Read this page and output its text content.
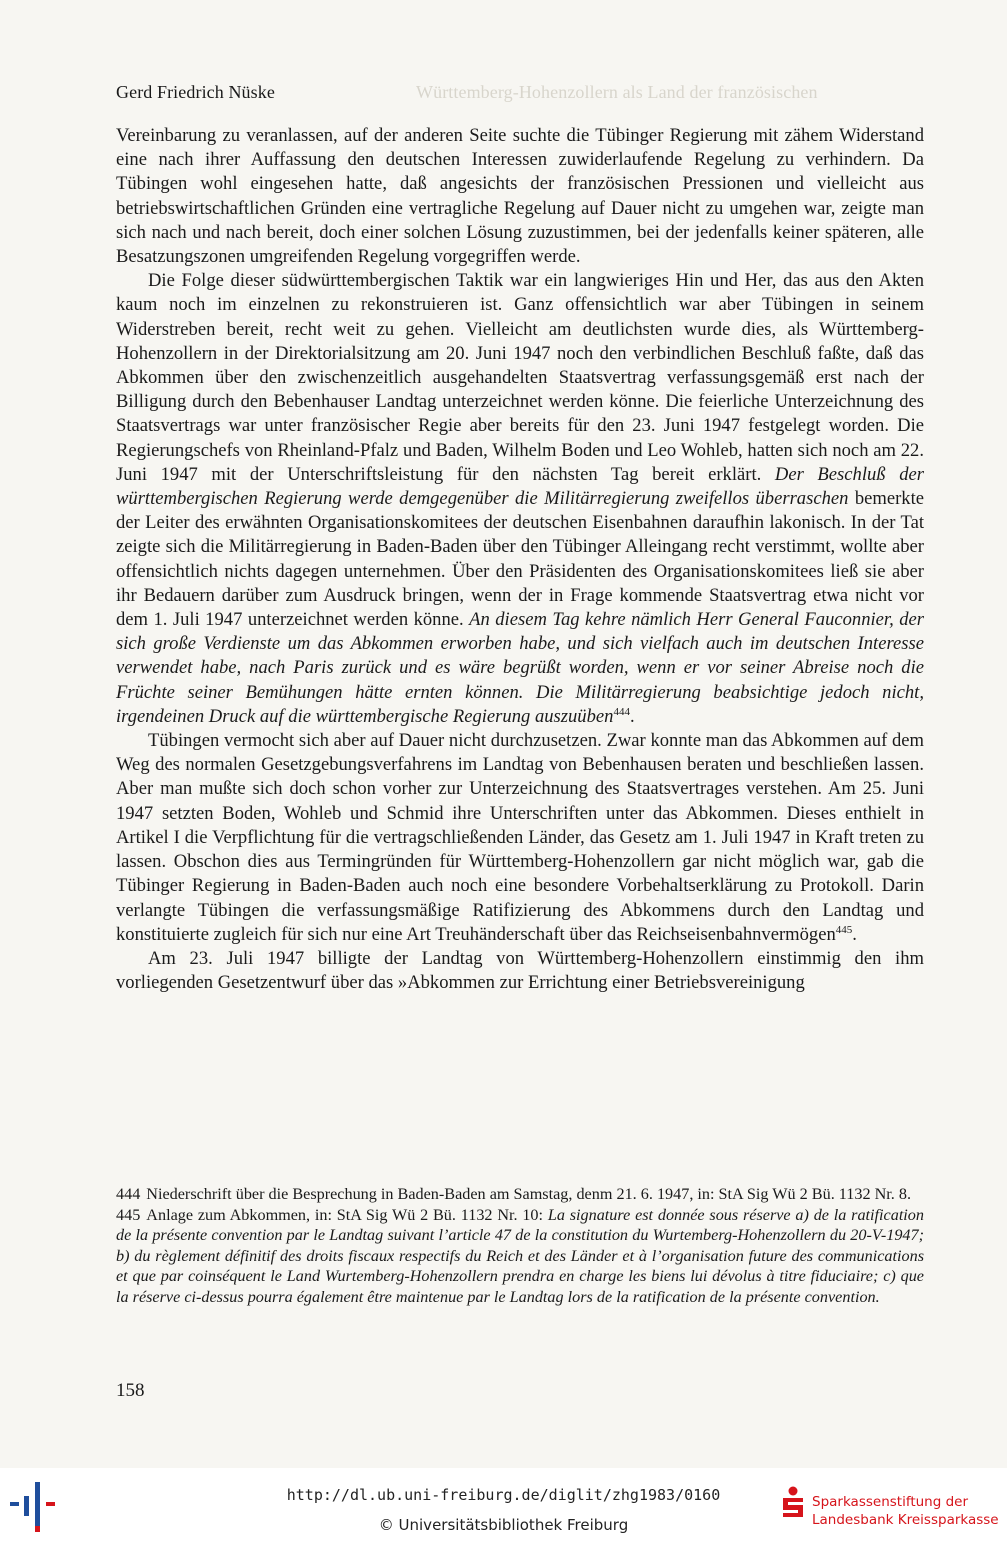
Gerd Friedrich Nüske	Württemberg-Hohenzollern als Land der französischen

Vereinbarung zu veranlassen, auf der anderen Seite suchte die Tübinger Regierung mit zähem Widerstand eine nach ihrer Auffassung den deutschen Interessen zuwiderlaufende Regelung zu verhindern. Da Tübingen wohl eingesehen hatte, daß angesichts der französischen Pressionen und vielleicht aus betriebswirtschaftlichen Gründen eine vertragliche Regelung auf Dauer nicht zu umgehen war, zeigte man sich nach und nach bereit, doch einer solchen Lösung zuzustimmen, bei der jedenfalls keiner späteren, alle Besatzungszonen umgreifenden Regelung vorgegriffen werde.

Die Folge dieser südwürttembergischen Taktik war ein langwieriges Hin und Her, das aus den Akten kaum noch im einzelnen zu rekonstruieren ist. Ganz offensichtlich war aber Tübingen in seinem Widerstreben bereit, recht weit zu gehen. Vielleicht am deutlichsten wurde dies, als Württemberg-Hohenzollern in der Direktorialsitzung am 20. Juni 1947 noch den verbindlichen Beschluß faßte, daß das Abkommen über den zwischenzeitlich ausgehandelten Staatsvertrag verfassungsgemäß erst nach der Billigung durch den Bebenhauser Landtag unterzeichnet werden könne. Die feierliche Unterzeichnung des Staatsvertrags war unter französischer Regie aber bereits für den 23. Juni 1947 festgelegt worden. Die Regierungschefs von Rheinland-Pfalz und Baden, Wilhelm Boden und Leo Wohleb, hatten sich noch am 22. Juni 1947 mit der Unterschriftsleistung für den nächsten Tag bereit erklärt. Der Beschluß der württembergischen Regierung werde demgegenüber die Militärregierung zweifellos überraschen bemerkte der Leiter des erwähnten Organisationskomitees der deutschen Eisenbahnen daraufhin lakonisch. In der Tat zeigte sich die Militärregierung in Baden-Baden über den Tübinger Alleingang recht verstimmt, wollte aber offensichtlich nichts dagegen unternehmen. Über den Präsidenten des Organisationskomitees ließ sie aber ihr Bedauern darüber zum Ausdruck bringen, wenn der in Frage kommende Staatsvertrag etwa nicht vor dem 1. Juli 1947 unterzeichnet werden könne. An diesem Tag kehre nämlich Herr General Fauconnier, der sich große Verdienste um das Abkommen erworben habe, und sich vielfach auch im deutschen Interesse verwendet habe, nach Paris zurück und es wäre begrüßt worden, wenn er vor seiner Abreise noch die Früchte seiner Bemühungen hätte ernten können. Die Militärregierung beabsichtige jedoch nicht, irgendeinen Druck auf die württembergische Regierung auszuüben$^{444}$.

Tübingen vermocht sich aber auf Dauer nicht durchzusetzen. Zwar konnte man das Abkommen auf dem Weg des normalen Gesetzgebungsverfahrens im Landtag von Bebenhausen beraten und beschließen lassen. Aber man mußte sich doch schon vorher zur Unterzeichnung des Staatsvertrages verstehen. Am 25. Juni 1947 setzten Boden, Wohleb und Schmid ihre Unterschriften unter das Abkommen. Dieses enthielt in Artikel I die Verpflichtung für die vertragschließenden Länder, das Gesetz am 1. Juli 1947 in Kraft treten zu lassen. Obschon dies aus Termingründen für Württemberg-Hohenzollern gar nicht möglich war, gab die Tübinger Regierung in Baden-Baden auch noch eine besondere Vorbehaltserklärung zu Protokoll. Darin verlangte Tübingen die verfassungsmäßige Ratifizierung des Abkommens durch den Landtag und konstituierte zugleich für sich nur eine Art Treuhänderschaft über das Reichseisenbahnvermögen$^{445}$.

Am 23. Juli 1947 billigte der Landtag von Württemberg-Hohenzollern einstimmig den ihm vorliegenden Gesetzentwurf über das »Abkommen zur Errichtung einer Betriebsvereinigung

444 Niederschrift über die Besprechung in Baden-Baden am Samstag, denm 21. 6. 1947, in: StA Sig Wü 2 Bü. 1132 Nr. 8.

445 Anlage zum Abkommen, in: StA Sig Wü 2 Bü. 1132 Nr. 10: La signature est donnée sous réserve a) de la ratification de la présente convention par le Landtag suivant l’article 47 de la constitution du Wurtemberg-Hohenzollern du 20-V-1947; b) du règlement définitif des droits fiscaux respectifs du Reich et des Länder et à l’organisation future des communications et que par coinséquent le Land Wurtemberg-Hohenzollern prendra en charge les biens lui dévolus à titre fiduciaire; c) que la réserve ci-dessus pourra également être maintenue par le Landtag lors de la ratification de la présente convention.

158
http://dl.ub.uni-freiburg.de/diglit/zhg1983/0160
© Universitätsbibliothek Freiburg
Sparkassenstiftung der
Landesbank Kreissparkasse
